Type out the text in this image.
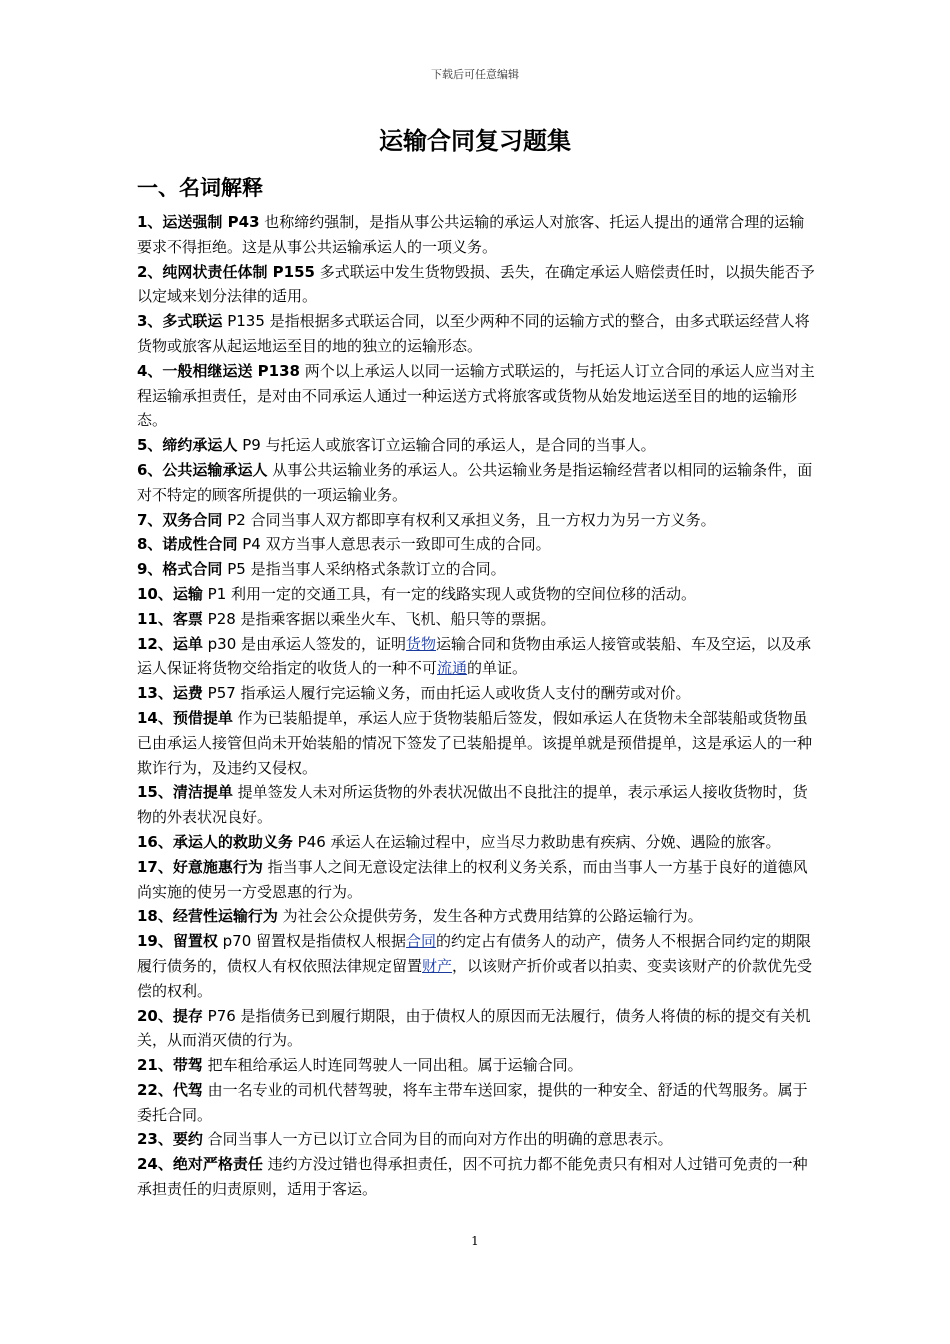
下载后可任意编辑
运输合同复习题集
一、名词解释

1、运送强制 P43 也称缔约强制，是指从事公共运输的承运人对旅客、托运人提出的通常合理的运输要求不得拒绝。这是从事公共运输承运人的一项义务。

2、纯网状责任体制 P155 多式联运中发生货物毁损、丢失，在确定承运人赔偿责任时，以损失能否予以定域来划分法律的适用。

3、多式联运 P135 是指根据多式联运合同，以至少两种不同的运输方式的整合，由多式联运经营人将货物或旅客从起运地运至目的地的独立的运输形态。

4、一般相继运送 P138 两个以上承运人以同一运输方式联运的，与托运人订立合同的承运人应当对主程运输承担责任，是对由不同承运人通过一种运送方式将旅客或货物从始发地运送至目的地的运输形态。

5、缔约承运人 P9 与托运人或旅客订立运输合同的承运人，是合同的当事人。

6、公共运输承运人 从事公共运输业务的承运人。公共运输业务是指运输经营者以相同的运输条件，面对不特定的顾客所提供的一项运输业务。

7、双务合同 P2 合同当事人双方都即享有权利又承担义务，且一方权力为另一方义务。

8、诺成性合同 P4 双方当事人意思表示一致即可生成的合同。

9、格式合同 P5 是指当事人采纳格式条款订立的合同。

10、运输 P1 利用一定的交通工具，有一定的线路实现人或货物的空间位移的活动。

11、客票 P28 是指乘客据以乘坐火车、飞机、船只等的票据。

12、运单 p30 是由承运人签发的，证明货物运输合同和货物由承运人接管或装船、车及空运，以及承运人保证将货物交给指定的收货人的一种不可流通的单证。

13、运费 P57 指承运人履行完运输义务，而由托运人或收货人支付的酬劳或对价。

14、预借提单 作为已装船提单，承运人应于货物装船后签发，假如承运人在货物未全部装船或货物虽已由承运人接管但尚未开始装船的情况下签发了已装船提单。该提单就是预借提单，这是承运人的一种欺诈行为，及违约又侵权。

15、清洁提单 提单签发人未对所运货物的外表状况做出不良批注的提单，表示承运人接收货物时，货物的外表状况良好。

16、承运人的救助义务 P46 承运人在运输过程中，应当尽力救助患有疾病、分娩、遇险的旅客。

17、好意施惠行为 指当事人之间无意设定法律上的权利义务关系，而由当事人一方基于良好的道德风尚实施的使另一方受恩惠的行为。

18、经营性运输行为 为社会公众提供劳务，发生各种方式费用结算的公路运输行为。

19、留置权 p70 留置权是指债权人根据合同的约定占有债务人的动产，债务人不根据合同约定的期限履行债务的，债权人有权依照法律规定留置财产，以该财产折价或者以拍卖、变卖该财产的价款优先受偿的权利。

20、提存 P76 是指债务已到履行期限，由于债权人的原因而无法履行，债务人将债的标的提交有关机关，从而消灭债的行为。

21、带驾 把车租给承运人时连同驾驶人一同出租。属于运输合同。

22、代驾 由一名专业的司机代替驾驶，将车主带车送回家，提供的一种安全、舒适的代驾服务。属于委托合同。

23、要约 合同当事人一方已以订立合同为目的而向对方作出的明确的意思表示。

24、绝对严格责任 违约方没过错也得承担责任，因不可抗力都不能免责只有相对人过错可免责的一种承担责任的归责原则，适用于客运。

1
